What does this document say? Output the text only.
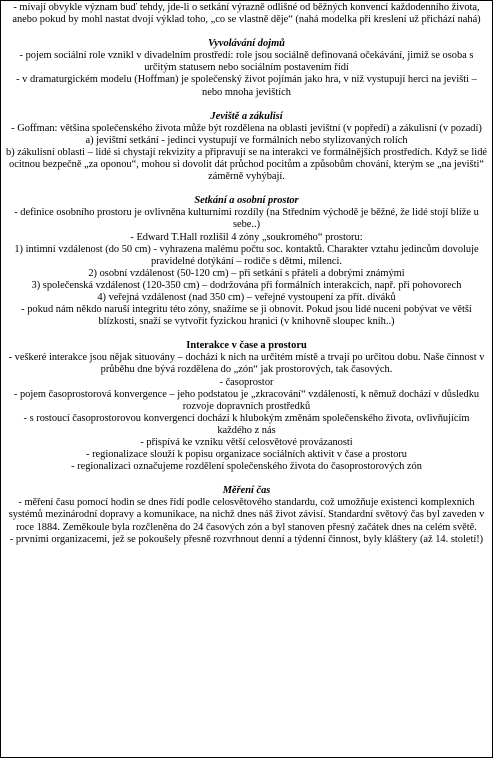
- mívají obvykle význam buď tehdy, jde-li o setkání výrazně odlišné od běžných konvencí každodenního života, anebo pokud by mohl nastat dvojí výklad toho, „co se vlastně děje“ (nahá modelka při kreslení už přichází nahá)

Vyvolávání dojmů

- pojem sociální role vznikl v divadelním prostředí: role jsou sociálně definovaná očekávání, jimiž se osoba s určitým statusem nebo sociálním postavením řídí

- v dramaturgickém modelu (Hoffman) je společenský život pojímán jako hra, v níž vystupují herci na jevišti – nebo mnoha jevištích

Jeviště a zákulisí

- Goffman: většina společenského života může být rozdělena na oblasti jevištní (v popředí) a zákulisní (v pozadí)

a) jevištní setkání - jedinci vystupují ve formálních nebo stylizovaných rolích

b) zákulisní oblasti – lidé si chystají rekvizity a připravují se na interakci ve formálnějších prostředích. Když se lidé ocitnou bezpečně „za oponou“, mohou si dovolit dát průchod pocitům a způsobům chování, kterým se „na jevišti“ záměrně vyhýbají.

Setkání a osobní prostor

- definice osobního prostoru je ovlivněna kulturními rozdíly (na Středním východě je běžné, že lidé stojí blíže u sebe..)

- Edward T.Hall rozlišil 4 zóny „soukromého“ prostoru:

1) intimní vzdálenost (do 50 cm) - vyhrazena malému počtu soc. kontaktů. Charakter vztahu jedincům dovoluje pravidelné dotýkání – rodiče s dětmi, milenci.

2) osobní vzdálenost (50-120 cm) – při setkání s přáteli a dobrými známými

3) společenská vzdálenost (120-350 cm) – dodržována při formálních interakcích, např. při pohovorech

4) veřejná vzdálenost (nad 350 cm) – veřejné vystoupení za přít. diváků

- pokud nám někdo naruší integritu této zóny, snažíme se ji obnovit. Pokud jsou lidé nuceni pobývat ve větší blízkosti, snaží se vytvořit fyzickou hranici (v knihovně sloupec knih..)

Interakce v čase a prostoru

- veškeré interakce jsou nějak situovány – dochází k nich na určitém místě a trvají po určitou dobu. Naše činnost v průběhu dne bývá rozdělena do „zón“ jak prostorových, tak časových.

- časoprostor

- pojem časoprostorová konvergence – jeho podstatou je „zkracování“ vzdáleností, k němuž dochází v důsledku rozvoje dopravních prostředků

- s rostoucí časoprostorovou konvergencí dochází k hlubokým změnám společenského života, ovlivňujícím každého z nás

- přispívá ke vzniku větší celosvětové provázanosti

- regionalizace slouží k popisu organizace sociálních aktivit v čase a prostoru

- regionalizaci označujeme rozdělení společenského života do časoprostorových zón

Měření čas

- měření času pomocí hodin se dnes řídí podle celosvětového standardu, což umožňuje existenci komplexních systémů mezinárodní dopravy a komunikace, na nichž dnes náš život závisí. Standardní světový čas byl zaveden v roce 1884. Zeměkoule byla rozčleněna do 24 časových zón a byl stanoven přesný začátek dnes na celém světě.

- prvními organizacemi, jež se pokoušely přesně rozvrhnout denní a týdenní činnost, byly kláštery (až 14. století!)
